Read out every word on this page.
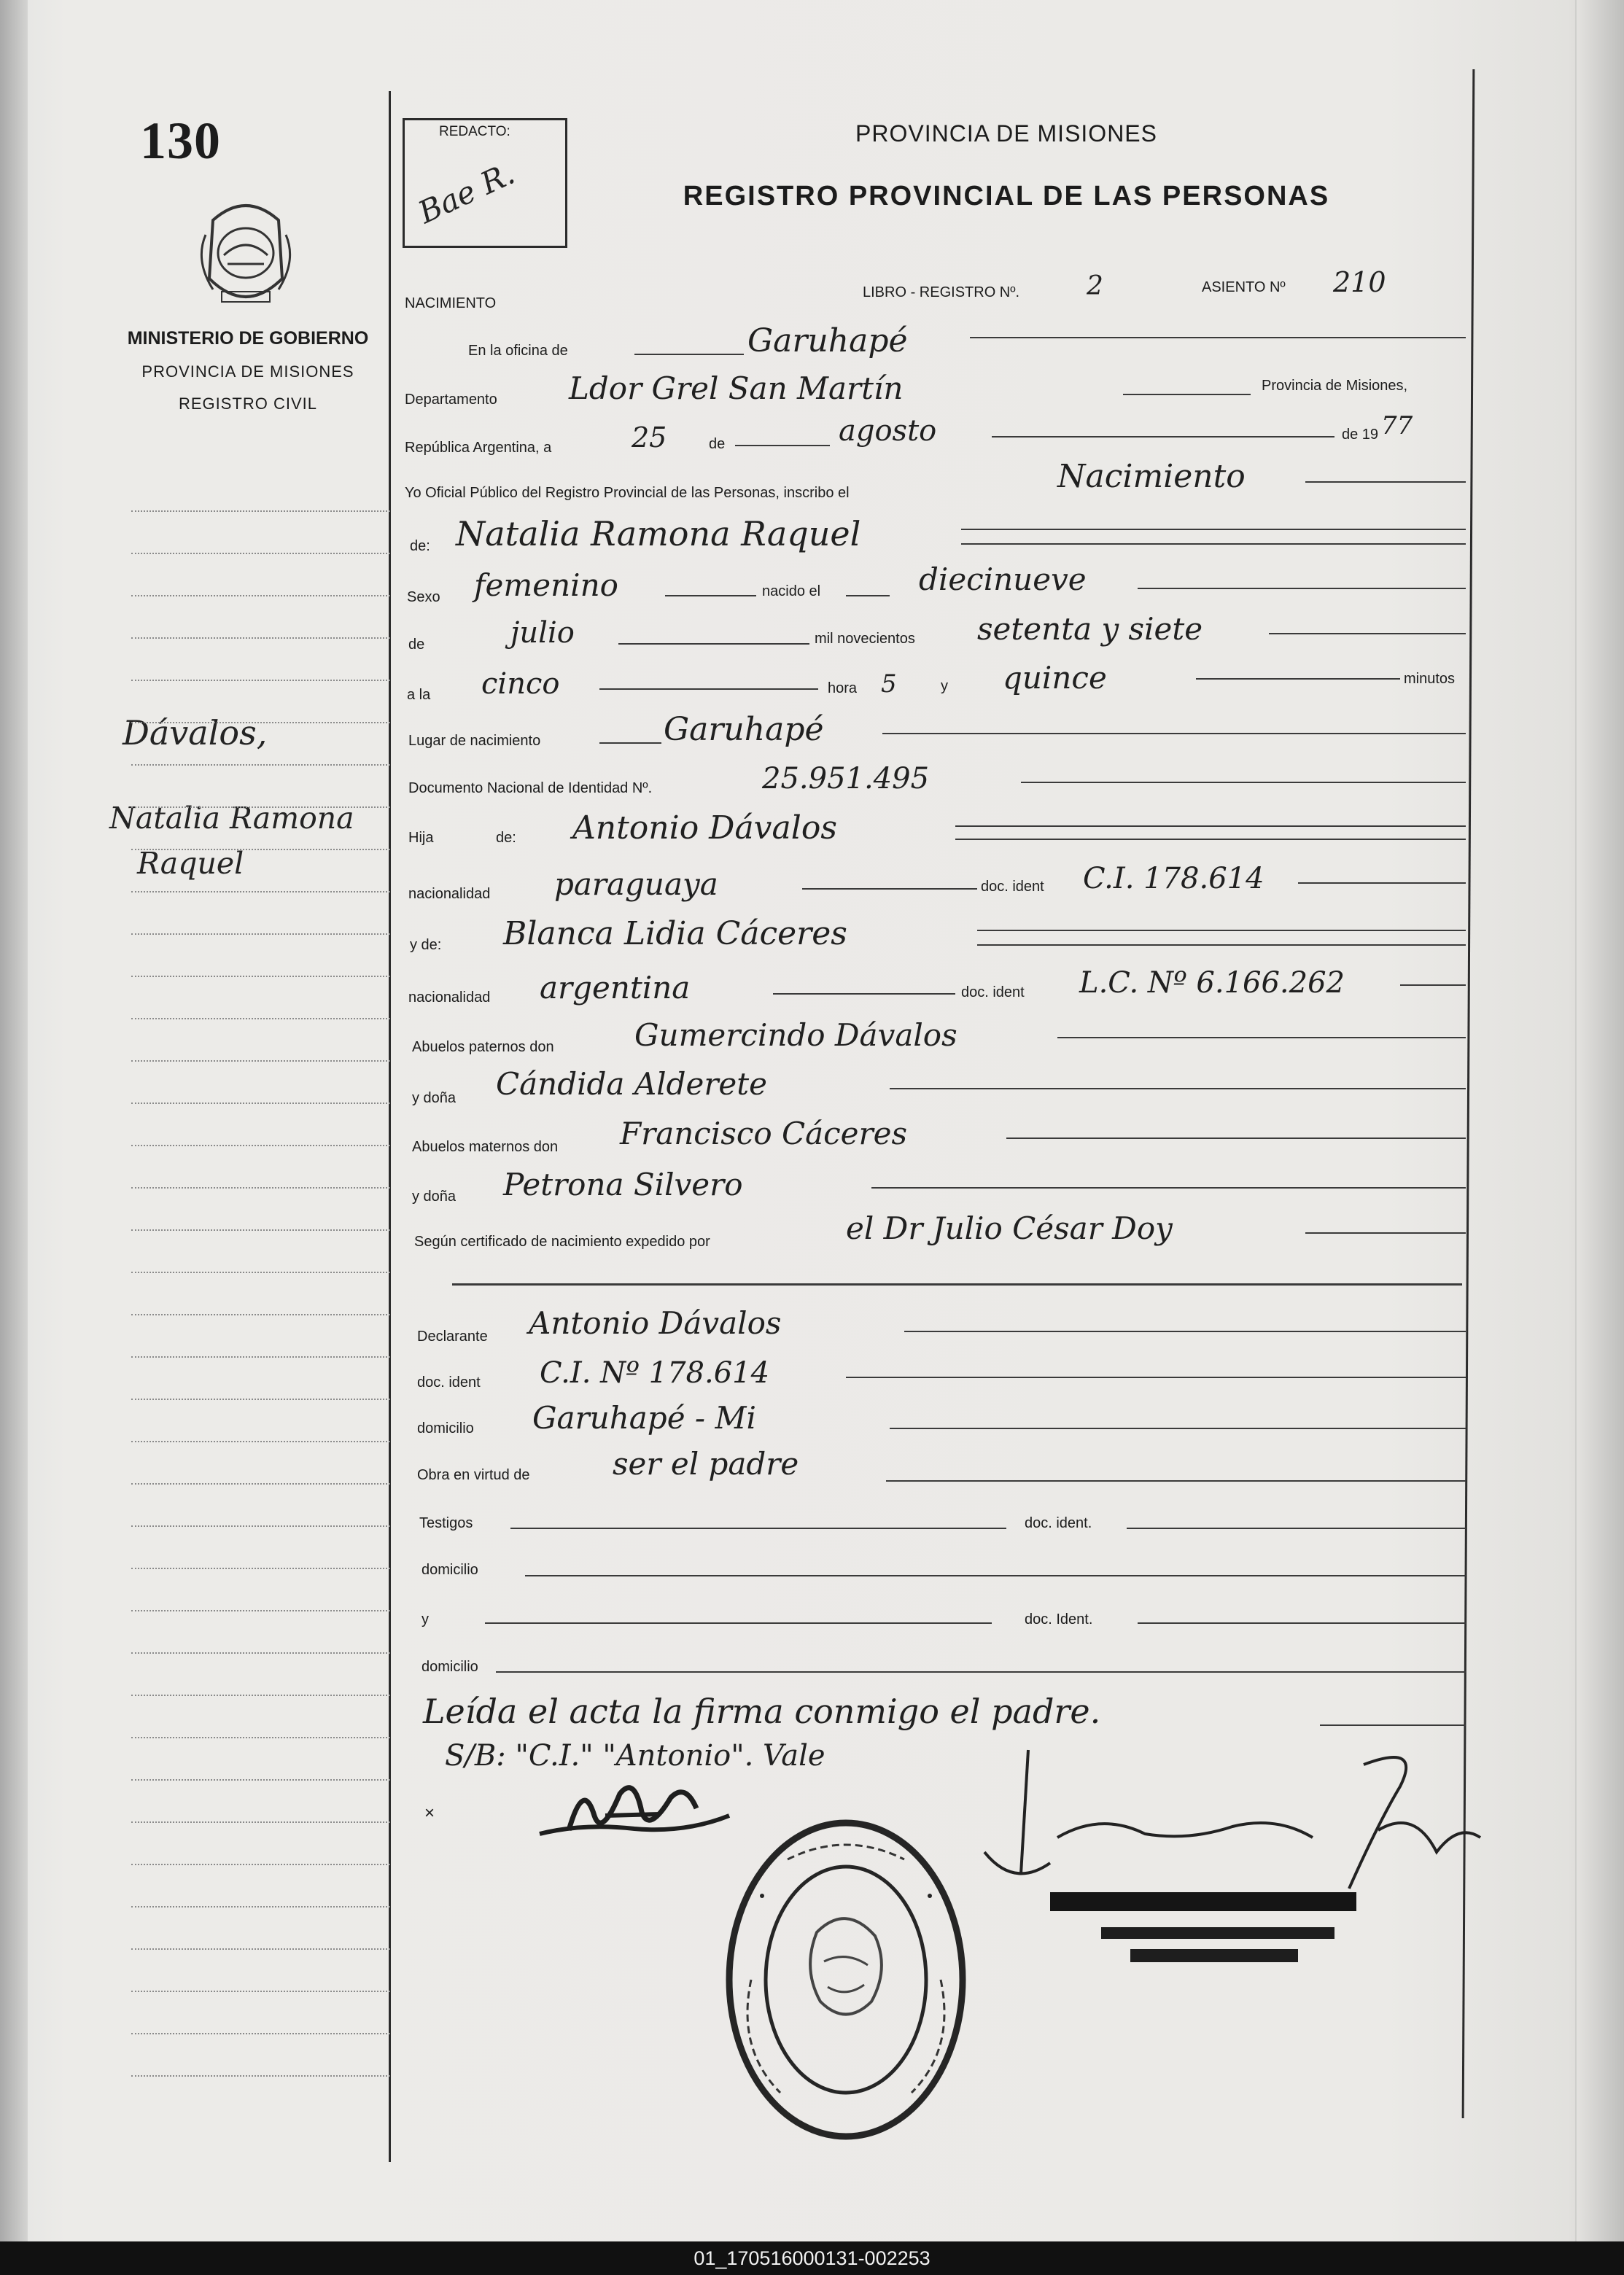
130
MINISTERIO DE GOBIERNO
PROVINCIA DE MISIONES
REGISTRO CIVIL
Dávalos,
Natalia Ramona
Raquel
REDACTO:
Bae R.
PROVINCIA DE MISIONES
REGISTRO PROVINCIAL DE LAS PERSONAS
NACIMIENTO
LIBRO - REGISTRO Nº.	2	ASIENTO Nº 210
En la oficina de	Garuhapé
Departamento Ldor Grel San Martín	Provincia de Misiones,
República Argentina, a	25	de	agosto	de 19 77
Yo Oficial Público del Registro Provincial de las Personas, inscribo el	Nacimiento
de: Natalia Ramona Raquel
Sexo femenino	nacido el	diecinueve
de	julio	mil novecientos setenta y siete
a la cinco	hora 5	y quince	minutos
Lugar de nacimiento	Garuhapé
Documento Nacional de Identidad Nº.	25.951.495
Hija	de: Antonio Dávalos
nacionalidad paraguaya	doc. ident C.I. 178.614
y de: Blanca Lidia Cáceres
nacionalidad argentina	doc. ident L.C. Nº 6.166.262
Abuelos paternos don	Gumercindo Dávalos
y doña Cándida Alderete
Abuelos maternos don Francisco Cáceres
y doña Petrona Silvero
Según certificado de nacimiento expedido por	el Dr Julio César Doy
Declarante Antonio Dávalos
doc. ident C.I. Nº 178.614
domicilio Garuhapé - Mi
Obra en virtud de	ser el padre
Testigos	doc. ident.
domicilio
y	doc. Ident.
domicilio
Leída el acta la firma conmigo el padre.
S/B: "C.I." "Antonio". Vale
×
01_170516000131-002253
